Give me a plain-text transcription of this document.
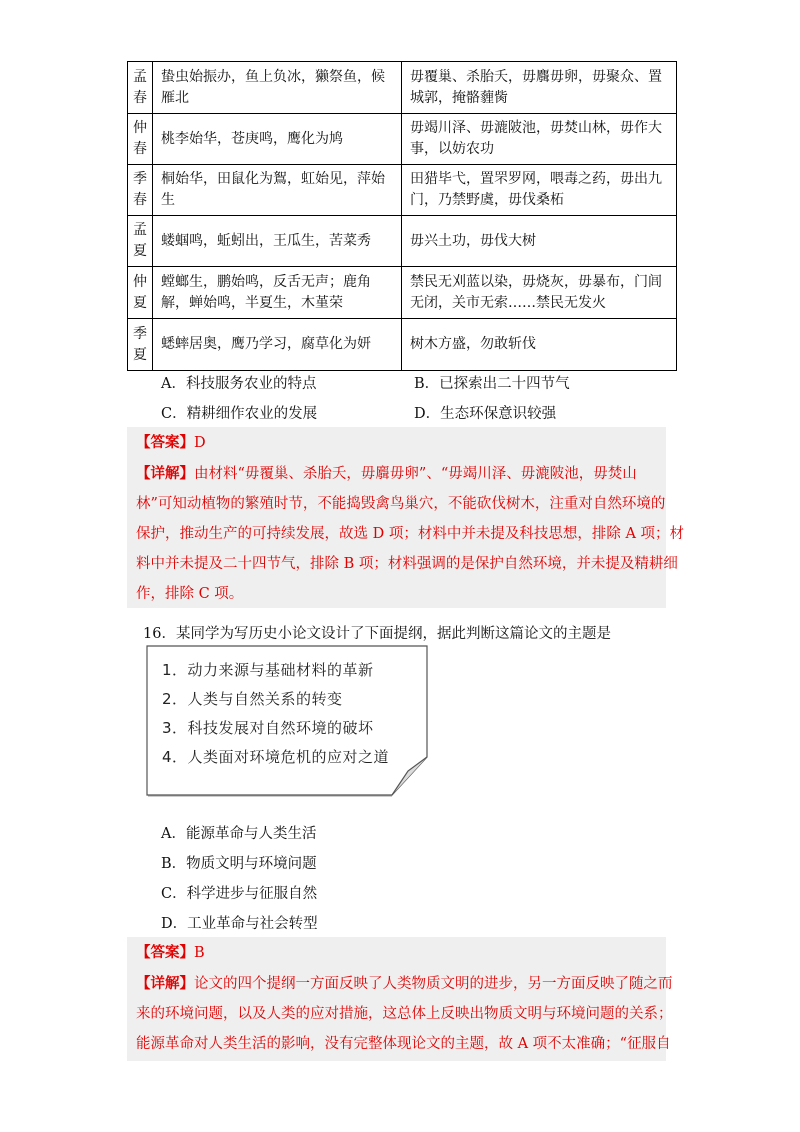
孟春	蛰虫始振办，鱼上负冰，獭祭鱼，候雁北	毋覆巢、杀胎夭，毋麛毋卵，毋聚众、置城郭，掩骼薶胔
仲春	桃李始华，苍庚鸣，鹰化为鸠	毋竭川泽、毋漉陂池，毋焚山林，毋作大事，以妨农功
季春	桐始华，田鼠化为鴽，虹始见，萍始生	田猎毕弋，置罘罗网，喂毒之药，毋出九门，乃禁野虞，毋伐桑柘
孟夏	蝼蝈鸣，蚯蚓出，王瓜生，苦菜秀	毋兴土功，毋伐大树
仲夏	螳螂生，鹏始鸣，反舌无声；鹿角解，蝉始鸣，半夏生，木堇荣	禁民无刈蓝以染，毋烧灰，毋暴布，门闾无闭，关市无索……禁民无发火
季夏	蟋蟀居奥，鹰乃学习，腐草化为妍	树木方盛，勿敢斩伐
A．科技服务农业的特点	B．已探索出二十四节气
C．精耕细作农业的发展	D．生态环保意识较强
【答案】D
【详解】由材料“毋覆巢、杀胎夭，毋麛毋卵”、“毋竭川泽、毋漉陂池，毋焚山
林”可知动植物的繁殖时节，不能捣毁禽鸟巢穴，不能砍伐树木，注重对自然环境的
保护，推动生产的可持续发展，故选 D 项；材料中并未提及科技思想，排除 A 项；材
料中并未提及二十四节气，排除 B 项；材料强调的是保护自然环境，并未提及精耕细
作，排除 C 项。
16．某同学为写历史小论文设计了下面提纲，据此判断这篇论文的主题是
1．动力来源与基础材料的革新
2．人类与自然关系的转变
3．科技发展对自然环境的破坏
4．人类面对环境危机的应对之道
A．能源革命与人类生活
B．物质文明与环境问题
C．科学进步与征服自然
D．工业革命与社会转型
【答案】B
【详解】论文的四个提纲一方面反映了人类物质文明的进步，另一方面反映了随之而
来的环境问题，以及人类的应对措施，这总体上反映出物质文明与环境问题的关系；
能源革命对人类生活的影响，没有完整体现论文的主题，故 A 项不太准确；“征服自
